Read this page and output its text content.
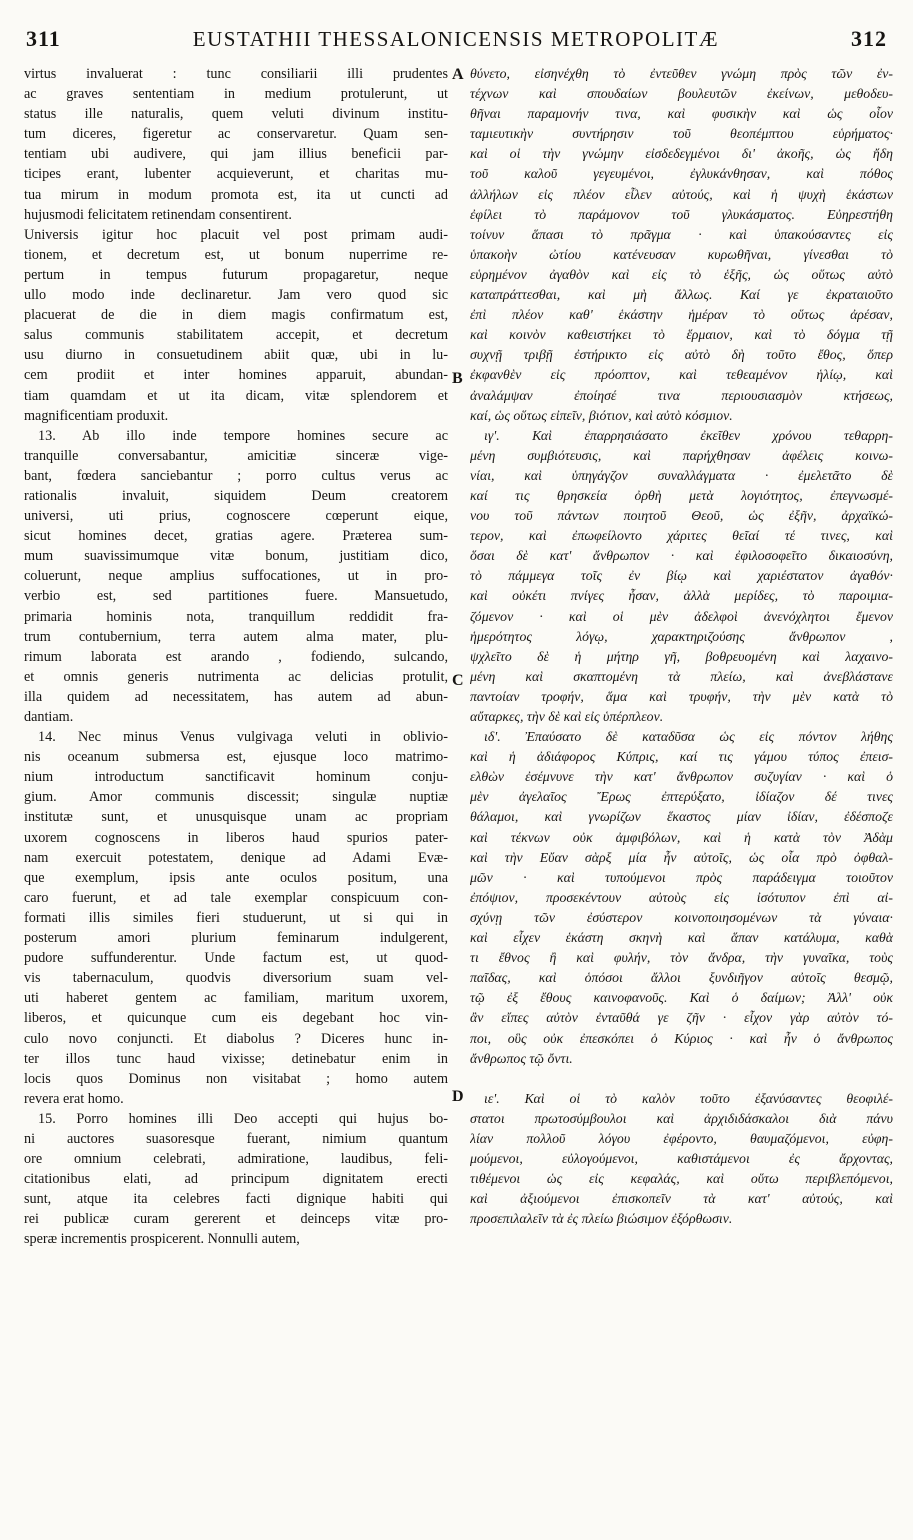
311	EUSTATHII THESSALONICENSIS METROPOLITÆ	312
virtus invaluerat : tunc consiliarii illi prudentes
ac graves sententiam in medium protulerunt, ut
status ille naturalis, quem veluti divinum institu-
tum diceres, figeretur ac conservaretur. Quam sen-
tentiam ubi audivere, qui jam illius beneficii par-
ticipes erant, lubenter acquieverunt, et charitas mu-
tua mirum in modum promota est, ita ut cuncti ad
hujusmodi felicitatem retinendam consentirent.
Universis igitur hoc placuit vel post primam audi-
tionem, et decretum est, ut bonum nuperrime re-
pertum in tempus futurum propagaretur, neque
ullo modo inde declinaretur. Jam vero quod sic
placuerat de die in diem magis confirmatum est,
salus communis stabilitatem accepit, et decretum
usu diurno in consuetudinem abiit quæ, ubi in lu-
cem prodiit et inter homines apparuit, abundan-
tiam quamdam et ut ita dicam, vitæ splendorem et
magnificentiam produxit.
13. Ab illo inde tempore homines secure ac
tranquille conversabantur, amicitiæ sinceræ vige-
bant, fœdera sanciebantur ; porro cultus verus ac
rationalis invaluit, siquidem Deum creatorem
universi, uti prius, cognoscere cœperunt eique,
sicut homines decet, gratias agere. Præterea sum-
mum suavissimumque vitæ bonum, justitiam dico,
coluerunt, neque amplius suffocationes, ut in pro-
verbio est, sed partitiones fuere. Mansuetudo,
primaria hominis nota, tranquillum reddidit fra-
trum contubernium, terra autem alma mater, plu-
rimum laborata est arando , fodiendo, sulcando,
et omnis generis nutrimenta ac delicias protulit,
illa quidem ad necessitatem, has autem ad abun-
dantiam.
14. Nec minus Venus vulgivaga veluti in oblivio-
nis oceanum submersa est, ejusque loco matrimo-
nium introductum sanctificavit hominum conju-
gium. Amor communis discessit; singulæ nuptiæ
institutæ sunt, et unusquisque unam ac propriam
uxorem cognoscens in liberos haud spurios pater-
nam exercuit potestatem, denique ad Adami Evæ-
que exemplum, ipsis ante oculos positum, una
caro fuerunt, et ad tale exemplar conspicuum con-
formati illis similes fieri studuerunt, ut si qui in
posterum amori plurium feminarum indulgerent,
pudore suffunderentur. Unde factum est, ut quod-
vis tabernaculum, quodvis diversorium suam vel-
uti haberet gentem ac familiam, maritum uxorem,
liberos, et quicunque cum eis degebant hoc vin-
culo novo conjuncti. Et diabolus ? Diceres hunc in-
ter illos tunc haud vixisse; detinebatur enim in
locis quos Dominus non visitabat ; homo autem
revera erat homo.
15. Porro homines illi Deo accepti qui hujus bo-
ni auctores suasoresque fuerant, nimium quantum
ore omnium celebrati, admiratione, laudibus, feli-
citationibus elati, ad principum dignitatem erecti
sunt, atque ita celebres facti dignique habiti qui
rei publicæ curam gererent et deinceps vitæ pro-
speræ incrementis prospicerent. Nonnulli autem,
θύνετο, εἰσηνέχθη τὸ ἐντεῦθεν γνώμη πρὸς τῶν ἐν-
τέχνων καὶ σπουδαίων βουλευτῶν ἐκείνων, μεθοδευ-
θῆναι παραμονήν τινα, καὶ φυσικὴν καὶ ὡς οἷον
ταμιευτικὴν συντήρησιν τοῦ θεοπέμπτου εὑρήματος·
καὶ οἱ τὴν γνώμην εἰσδεδεγμένοι δι' ἀκοῆς, ὡς ἤδη
τοῦ καλοῦ γεγευμένοι, ἐγλυκάνθησαν, καὶ πόθος
ἀλλήλων εἰς πλέον εἶλεν αὐτούς, καὶ ἡ ψυχὴ ἑκάστων
ἐφίλει τὸ παράμονον τοῦ γλυκάσματος. Εὐηρεστήθη
τοίνυν ἅπασι τὸ πρᾶγμα · καὶ ὑπακούσαντες εἰς
ὑπακοὴν ὠτίου κατένευσαν κυρωθῆναι, γίνεσθαι τὸ
εὑρημένον ἀγαθὸν καὶ εἰς τὸ ἑξῆς, ὡς οὕτως αὐτὸ
καταπράττεσθαι, καὶ μὴ ἄλλως. Καί γε ἐκραταιοῦτο
ἐπὶ πλέον καθ' ἑκάστην ἡμέραν τὸ οὕτως ἀρέσαν,
καὶ κοινὸν καθειστήκει τὸ ἕρμαιον, καὶ τὸ δόγμα τῇ
συχνῇ τριβῇ ἐστήρικτο εἰς αὐτὸ δὴ τοῦτο ἔθος, ὅπερ
ἐκφανθὲν εἰς πρόοπτον, καὶ τεθεαμένον ἡλίῳ, καὶ
ἀναλάμψαν ἐποίησέ τινα περιουσιασμὸν κτήσεως,
καί, ὡς οὕτως εἰπεῖν, βιότιον, καὶ αὐτὸ κόσμιον.
ιγ'. Καὶ ἐπαρρησιάσατο ἐκεῖθεν χρόνου τεθαρρη-
μένη συμβιότευσις, καὶ παρήχθησαν ἀφέλεις κοινω-
νίαι, καὶ ὑπηγάγζον συναλλάγματα · ἐμελετᾶτο δὲ
καί τις θρησκεία ὀρθὴ μετὰ λογιότητος, ἐπεγνωσμέ-
νου τοῦ πάντων ποιητοῦ Θεοῦ, ὡς ἐξῆν, ἀρχαϊκώ-
τερον, καὶ ἐπωφείλοντο χάριτες θεῖαί τέ τινες, καὶ
ὅσαι δὲ κατ' ἄνθρωπον · καὶ ἐφιλοσοφεῖτο δικαιοσύνη,
τὸ πάμμεγα τοῖς ἐν βίῳ καὶ χαριέστατον ἀγαθόν·
καὶ οὐκέτι πνίγες ἦσαν, ἀλλὰ μερίδες, τὸ παροιμια-
ζόμενον · καὶ οἱ μὲν ἀδελφοὶ ἀνενόχλητοι ἔμενον
ἡμερότητος λόγῳ, χαρακτηριζούσης ἄνθρωπον ,
ψχλεῖτο δὲ ἡ μήτηρ γῆ, βοθρευομένη καὶ λαχαινο-
μένη καὶ σκαπτομένη τὰ πλείω, καὶ ἀνεβλάστανε
παντοίαν τροφήν, ἅμα καὶ τρυφήν, τὴν μὲν κατὰ τὸ
αὔταρκες, τὴν δὲ καὶ εἰς ὑπέρπλεον.
ιδ'. Ἐπαύσατο δὲ καταδῦσα ὡς εἰς πόντον λήθης
καὶ ἡ ἀδιάφορος Κύπρις, καί τις γάμου τύπος ἐπεισ-
ελθὼν ἐσέμνυνε τὴν κατ' ἄνθρωπον συζυγίαν · καὶ ὁ
μὲν ἀγελαῖος Ἔρως ἐπτερύξατο, ἰδίαζον δέ τινες
θάλαμοι, καὶ γνωρίζων ἕκαστος μίαν ἰδίαν, ἐδέσποζε
καὶ τέκνων οὐκ ἀμφιβόλων, καὶ ἡ κατὰ τὸν Ἀδὰμ
καὶ τὴν Εὔαν σὰρξ μία ἦν αὐτοῖς, ὡς οἷα πρὸ ὀφθαλ-
μῶν · καὶ τυπούμενοι πρὸς παράδειγμα τοιοῦτον
ἐπόψιον, προσεκέντουν αὐτοὺς εἰς ἰσότυπον ἐπὶ αἰ-
σχύνῃ τῶν ἐσύστερον κοινοποιησομένων τὰ γύναια·
καὶ εἶχεν ἑκάστη σκηνὴ καὶ ἅπαν κατάλυμα, καθὰ
τι ἔθνος ἢ καὶ φυλήν, τὸν ἄνδρα, τὴν γυναῖκα, τοὺς
παῖδας, καὶ ὁπόσοι ἄλλοι ξυνδιῆγον αὐτοῖς θεσμῷ,
τῷ ἐξ ἔθους καινοφανοῦς. Καὶ ὁ δαίμων; Ἀλλ' οὐκ
ἂν εἴπες αὐτὸν ἐνταῦθά γε ζῆν · εἶχον γὰρ αὐτὸν τό-
ποι, οὓς οὐκ ἐπεσκόπει ὁ Κύριος · καὶ ἦν ὁ ἄνθρωπος
ἄνθρωπος τῷ ὄντι.
ιε'. Καὶ οἱ τὸ καλὸν τοῦτο ἐξανύσαντες θεοφιλέ-
στατοι πρωτοσύμβουλοι καὶ ἀρχιδιδάσκαλοι διὰ πάνυ
λίαν πολλοῦ λόγου ἐφέροντο, θαυμαζόμενοι, εὐφη-
μούμενοι, εὐλογούμενοι, καθιστάμενοι ἐς ἄρχοντας,
τιθέμενοι ὡς εἰς κεφαλάς, καὶ οὕτω περιβλεπόμενοι,
καὶ ἀξιούμενοι ἐπισκοπεῖν τὰ κατ' αὐτούς, καὶ
προσεπιλαλεῖν τὰ ἐς πλείω βιώσιμον ἐξόρθωσιν.
A
B
C
D
